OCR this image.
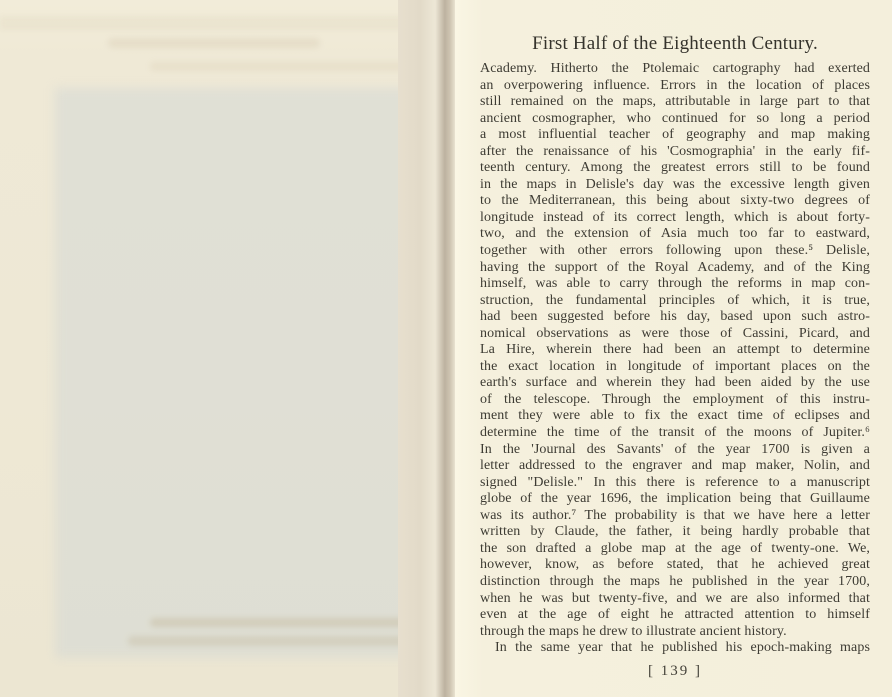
First Half of the Eighteenth Century.
Academy. Hitherto the Ptolemaic cartography had exerted
an overpowering influence. Errors in the location of places
still remained on the maps, attributable in large part to that
ancient cosmographer, who continued for so long a period
a most influential teacher of geography and map making
after the renaissance of his 'Cosmographia' in the early fif-
teenth century. Among the greatest errors still to be found
in the maps in Delisle's day was the excessive length given
to the Mediterranean, this being about sixty-two degrees of
longitude instead of its correct length, which is about forty-
two, and the extension of Asia much too far to eastward,
together with other errors following upon these.⁵ Delisle,
having the support of the Royal Academy, and of the King
himself, was able to carry through the reforms in map con-
struction, the fundamental principles of which, it is true,
had been suggested before his day, based upon such astro-
nomical observations as were those of Cassini, Picard, and
La Hire, wherein there had been an attempt to determine
the exact location in longitude of important places on the
earth's surface and wherein they had been aided by the use
of the telescope. Through the employment of this instru-
ment they were able to fix the exact time of eclipses and
determine the time of the transit of the moons of Jupiter.⁶
In the 'Journal des Savants' of the year 1700 is given a
letter addressed to the engraver and map maker, Nolin, and
signed "Delisle." In this there is reference to a manuscript
globe of the year 1696, the implication being that Guillaume
was its author.⁷ The probability is that we have here a letter
written by Claude, the father, it being hardly probable that
the son drafted a globe map at the age of twenty-one. We,
however, know, as before stated, that he achieved great
distinction through the maps he published in the year 1700,
when he was but twenty-five, and we are also informed that
even at the age of eight he attracted attention to himself
through the maps he drew to illustrate ancient history.
In the same year that he published his epoch-making maps
[ 139 ]
